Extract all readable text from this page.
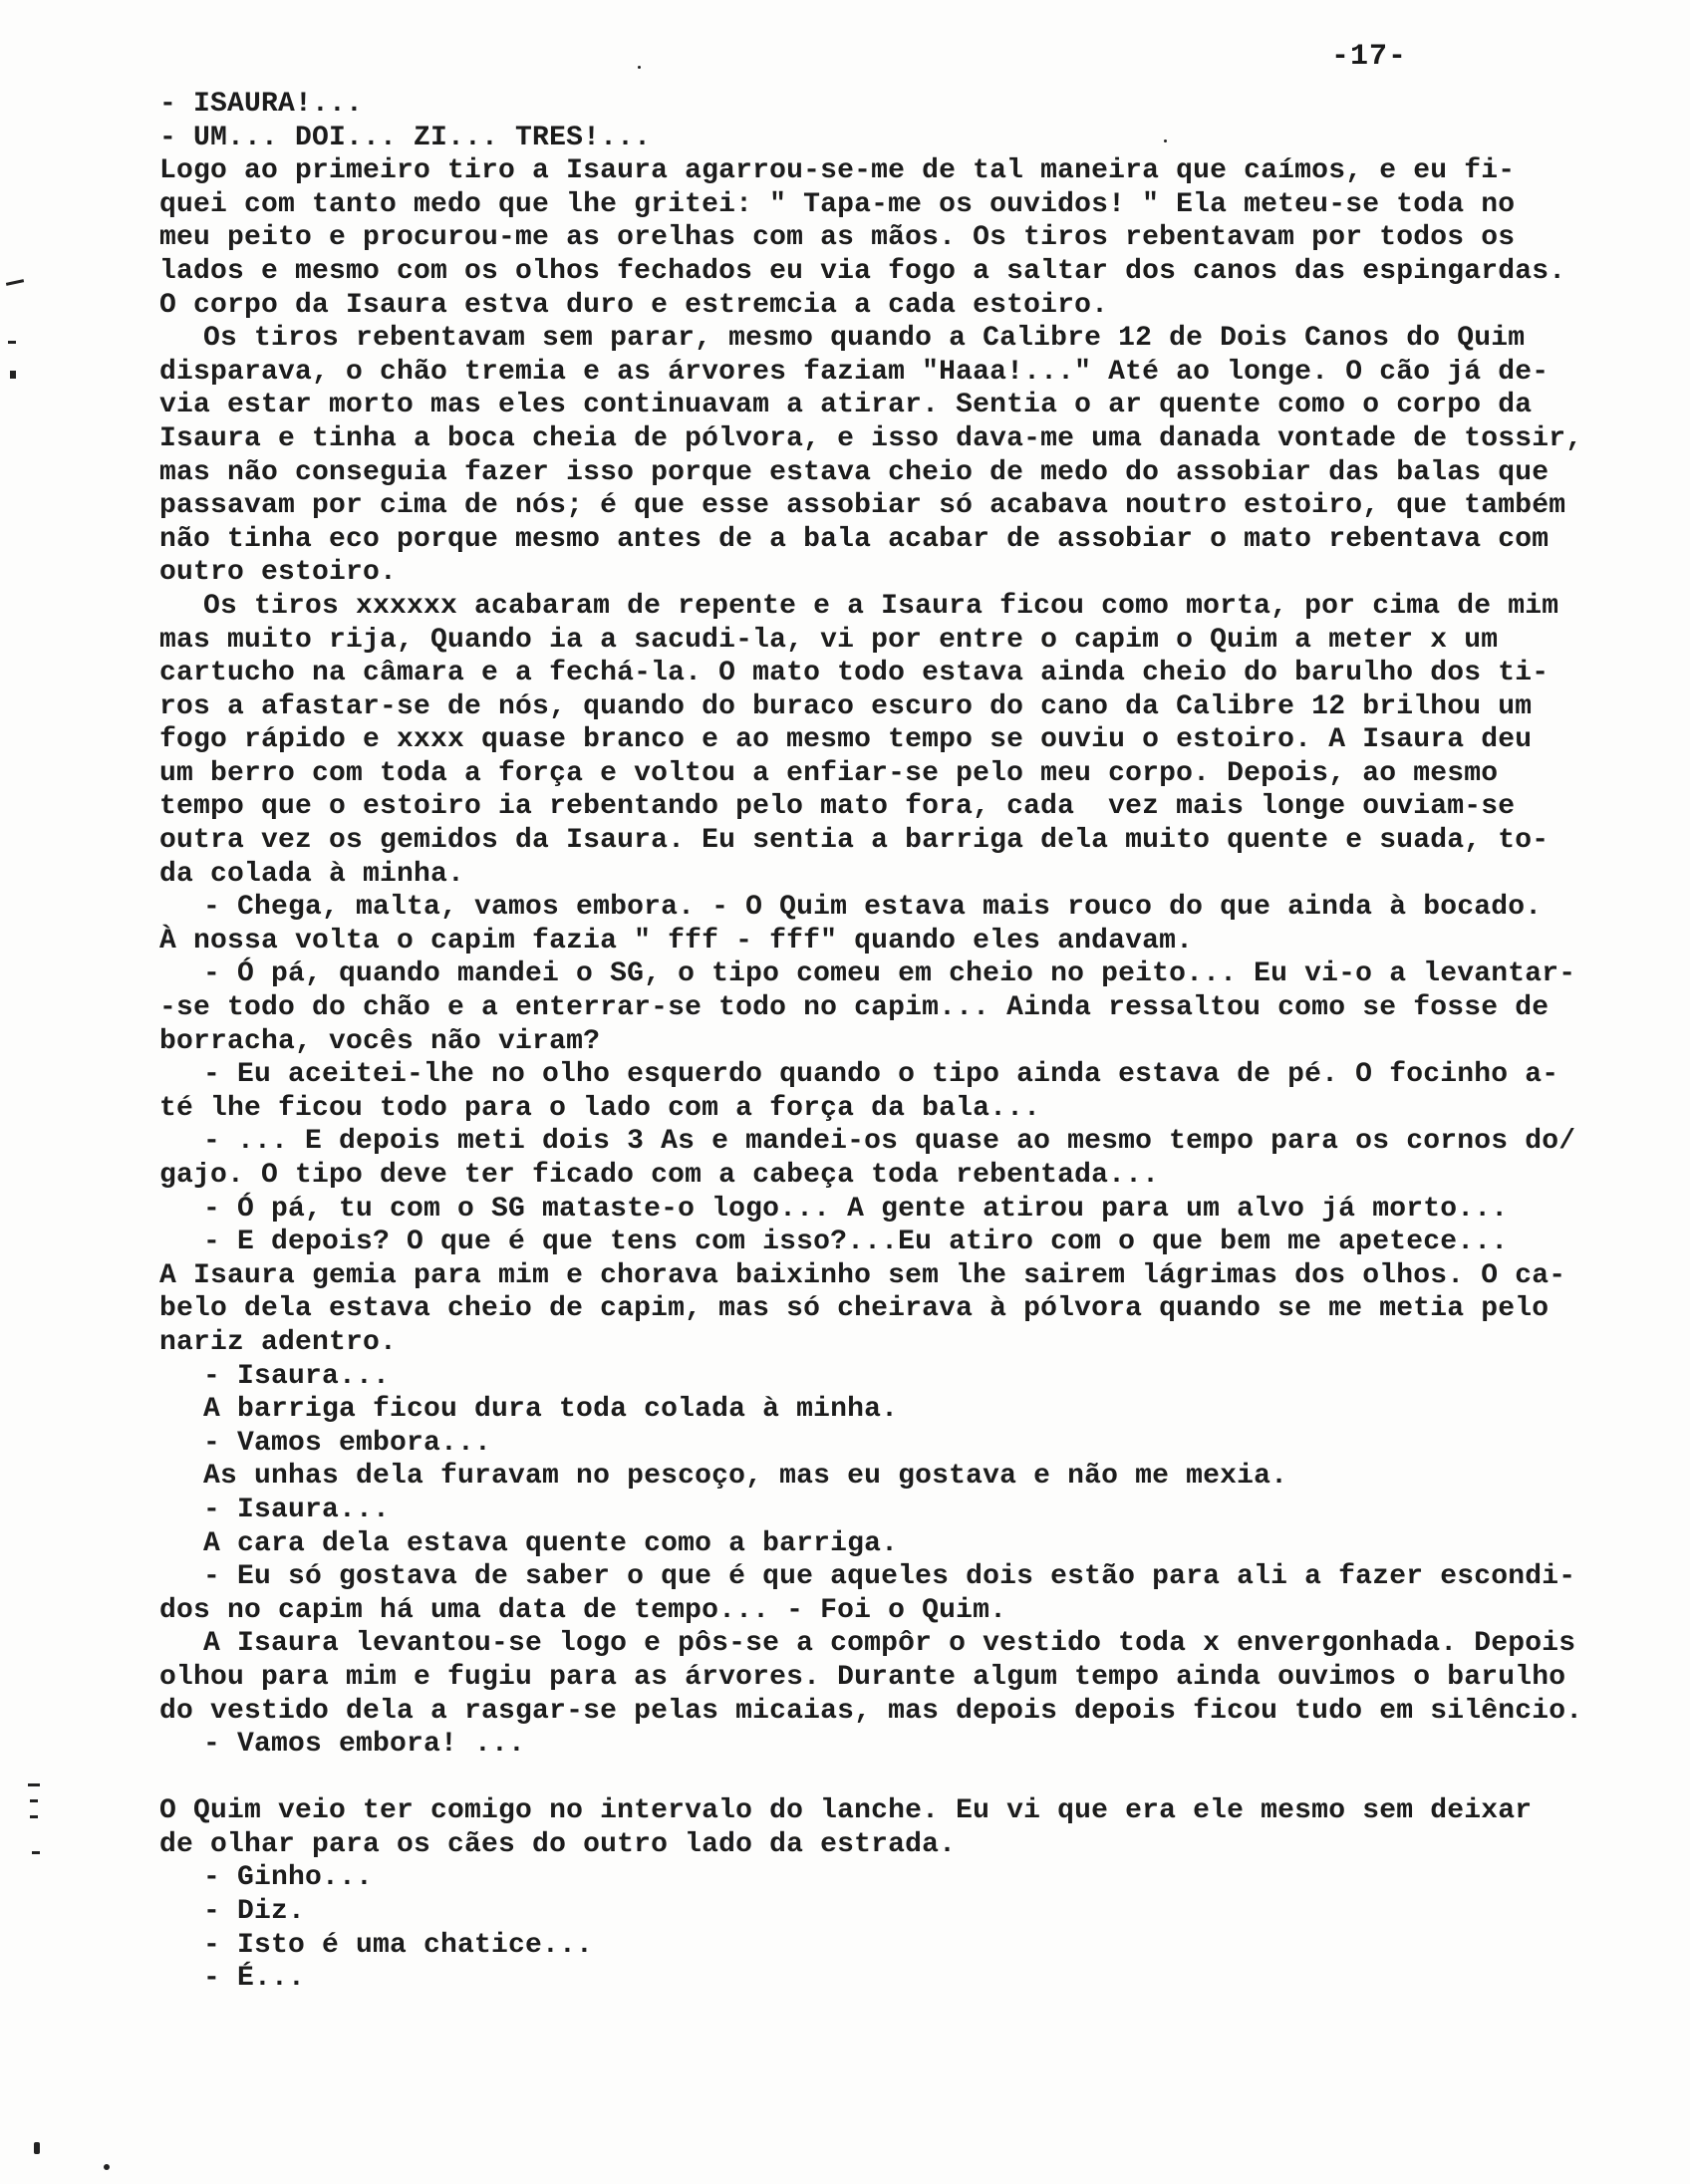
-17-
- ISAURA!...
- UM... DOI... ZI... TRES!...
Logo ao primeiro tiro a Isaura agarrou-se-me de tal maneira que caímos, e eu fi-
quei com tanto medo que lhe gritei: " Tapa-me os ouvidos! " Ela meteu-se toda no
meu peito e procurou-me as orelhas com as mãos. Os tiros rebentavam por todos os
lados e mesmo com os olhos fechados eu via fogo a saltar dos canos das espingardas.
O corpo da Isaura estva duro e estremcia a cada estoiro.
Os tiros rebentavam sem parar, mesmo quando a Calibre 12 de Dois Canos do Quim
disparava, o chão tremia e as árvores faziam "Haaa!..." Até ao longe. O cão já de-
via estar morto mas eles continuavam a atirar. Sentia o ar quente como o corpo da
Isaura e tinha a boca cheia de pólvora, e isso dava-me uma danada vontade de tossir,
mas não conseguia fazer isso porque estava cheio de medo do assobiar das balas que
passavam por cima de nós; é que esse assobiar só acabava noutro estoiro, que também
não tinha eco porque mesmo antes de a bala acabar de assobiar o mato rebentava com
outro estoiro.
Os tiros xxxxxx acabaram de repente e a Isaura ficou como morta, por cima de mim
mas muito rija, Quando ia a sacudi-la, vi por entre o capim o Quim a meter x um
cartucho na câmara e a fechá-la. O mato todo estava ainda cheio do barulho dos ti-
ros a afastar-se de nós, quando do buraco escuro do cano da Calibre 12 brilhou um
fogo rápido e xxxx quase branco e ao mesmo tempo se ouviu o estoiro. A Isaura deu
um berro com toda a força e voltou a enfiar-se pelo meu corpo. Depois, ao mesmo
tempo que o estoiro ia rebentando pelo mato fora, cada  vez mais longe ouviam-se
outra vez os gemidos da Isaura. Eu sentia a barriga dela muito quente e suada, to-
da colada à minha.
- Chega, malta, vamos embora. - O Quim estava mais rouco do que ainda à bocado.
À nossa volta o capim fazia " fff - fff" quando eles andavam.
- Ó pá, quando mandei o SG, o tipo comeu em cheio no peito... Eu vi-o a levantar-
-se todo do chão e a enterrar-se todo no capim... Ainda ressaltou como se fosse de
borracha, vocês não viram?
- Eu aceitei-lhe no olho esquerdo quando o tipo ainda estava de pé. O focinho a-
té lhe ficou todo para o lado com a força da bala...
- ... E depois meti dois 3 As e mandei-os quase ao mesmo tempo para os cornos do/
gajo. O tipo deve ter ficado com a cabeça toda rebentada...
- Ó pá, tu com o SG mataste-o logo... A gente atirou para um alvo já morto...
- E depois? O que é que tens com isso?...Eu atiro com o que bem me apetece...
A Isaura gemia para mim e chorava baixinho sem lhe sairem lágrimas dos olhos. O ca-
belo dela estava cheio de capim, mas só cheirava à pólvora quando se me metia pelo
nariz adentro.
- Isaura...
A barriga ficou dura toda colada à minha.
- Vamos embora...
As unhas dela furavam no pescoço, mas eu gostava e não me mexia.
- Isaura...
A cara dela estava quente como a barriga.
- Eu só gostava de saber o que é que aqueles dois estão para ali a fazer escondi-
dos no capim há uma data de tempo... - Foi o Quim.
A Isaura levantou-se logo e pôs-se a compôr o vestido toda x envergonhada. Depois
olhou para mim e fugiu para as árvores. Durante algum tempo ainda ouvimos o barulho
do vestido dela a rasgar-se pelas micaias, mas depois depois ficou tudo em silêncio.
- Vamos embora! ...
O Quim veio ter comigo no intervalo do lanche. Eu vi que era ele mesmo sem deixar
de olhar para os cães do outro lado da estrada.
- Ginho...
- Diz.
- Isto é uma chatice...
- É...
